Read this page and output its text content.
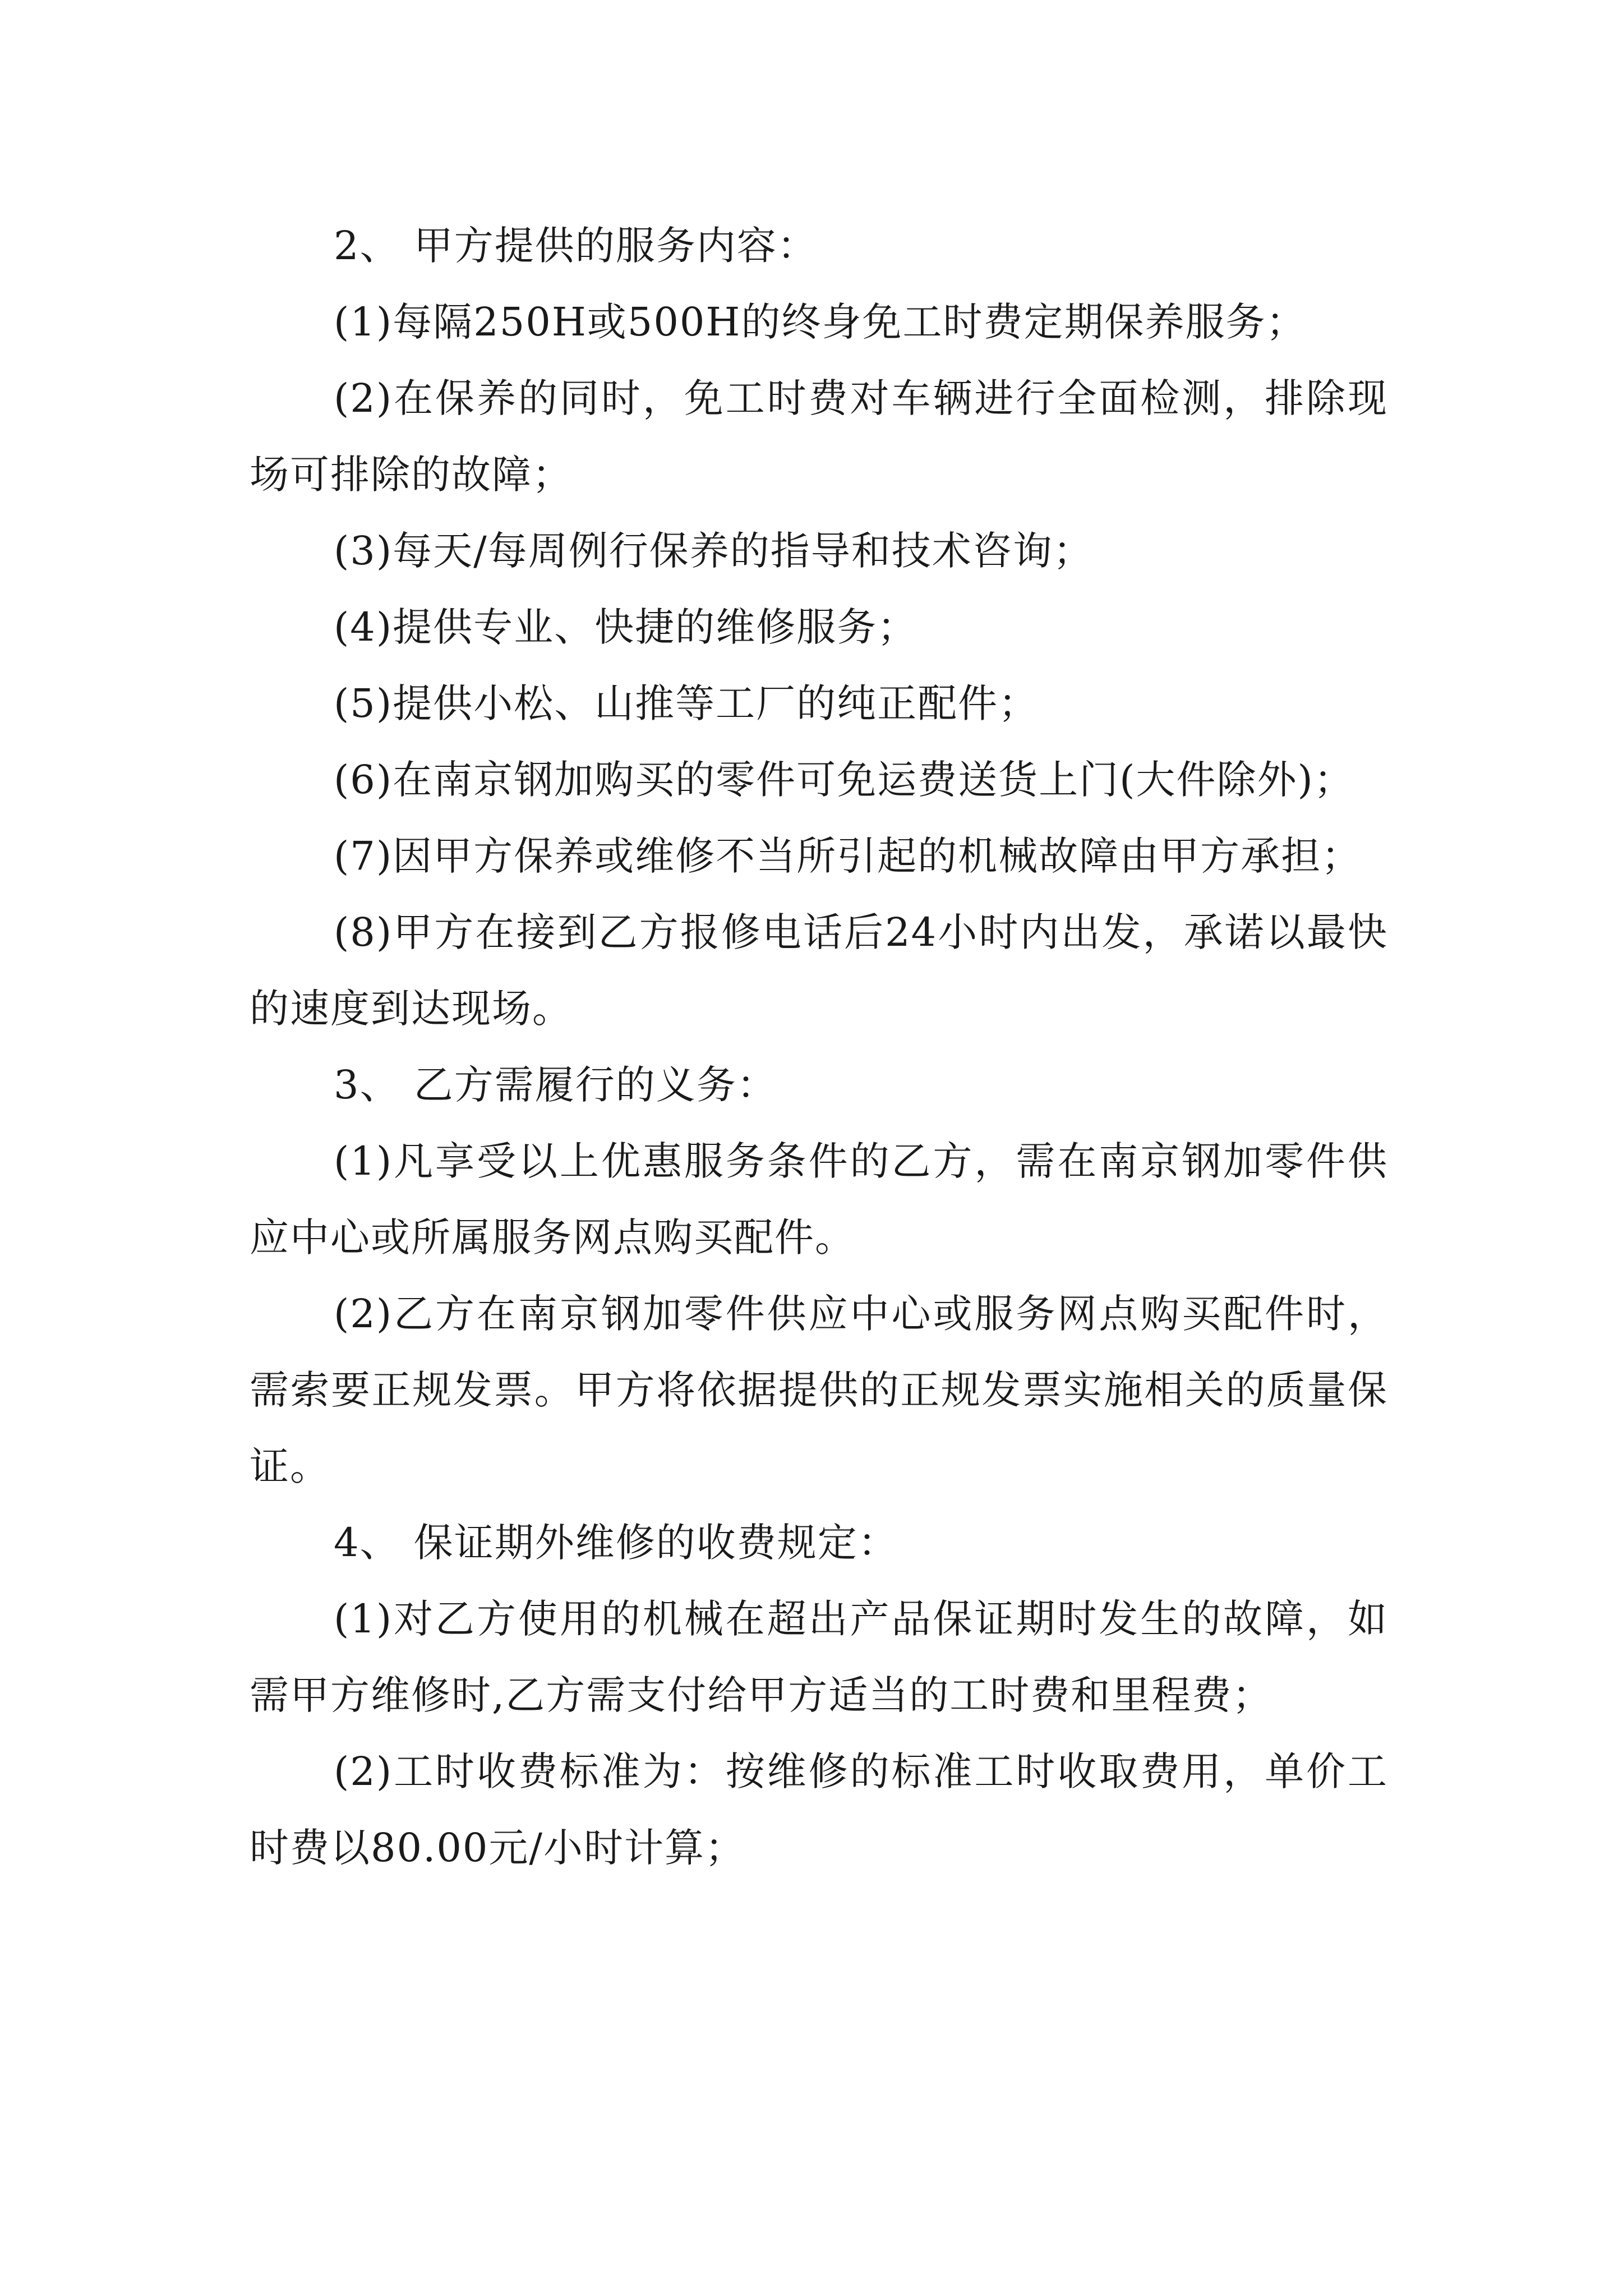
2、 甲方提供的服务内容：

(1)每隔250H或500H的终身免工时费定期保养服务；

(2)在保养的同时，免工时费对车辆进行全面检测，排除现场可排除的故障；

(3)每天/每周例行保养的指导和技术咨询；

(4)提供专业、快捷的维修服务；

(5)提供小松、山推等工厂的纯正配件；

(6)在南京钢加购买的零件可免运费送货上门(大件除外)；

(7)因甲方保养或维修不当所引起的机械故障由甲方承担；

(8)甲方在接到乙方报修电话后24小时内出发，承诺以最快的速度到达现场。

3、 乙方需履行的义务：

(1)凡享受以上优惠服务条件的乙方，需在南京钢加零件供应中心或所属服务网点购买配件。

(2)乙方在南京钢加零件供应中心或服务网点购买配件时，需索要正规发票。甲方将依据提供的正规发票实施相关的质量保证。

4、 保证期外维修的收费规定：

(1)对乙方使用的机械在超出产品保证期时发生的故障，如需甲方维修时,乙方需支付给甲方适当的工时费和里程费；

(2)工时收费标准为：按维修的标准工时收取费用，单价工时费以80.00元/小时计算；
